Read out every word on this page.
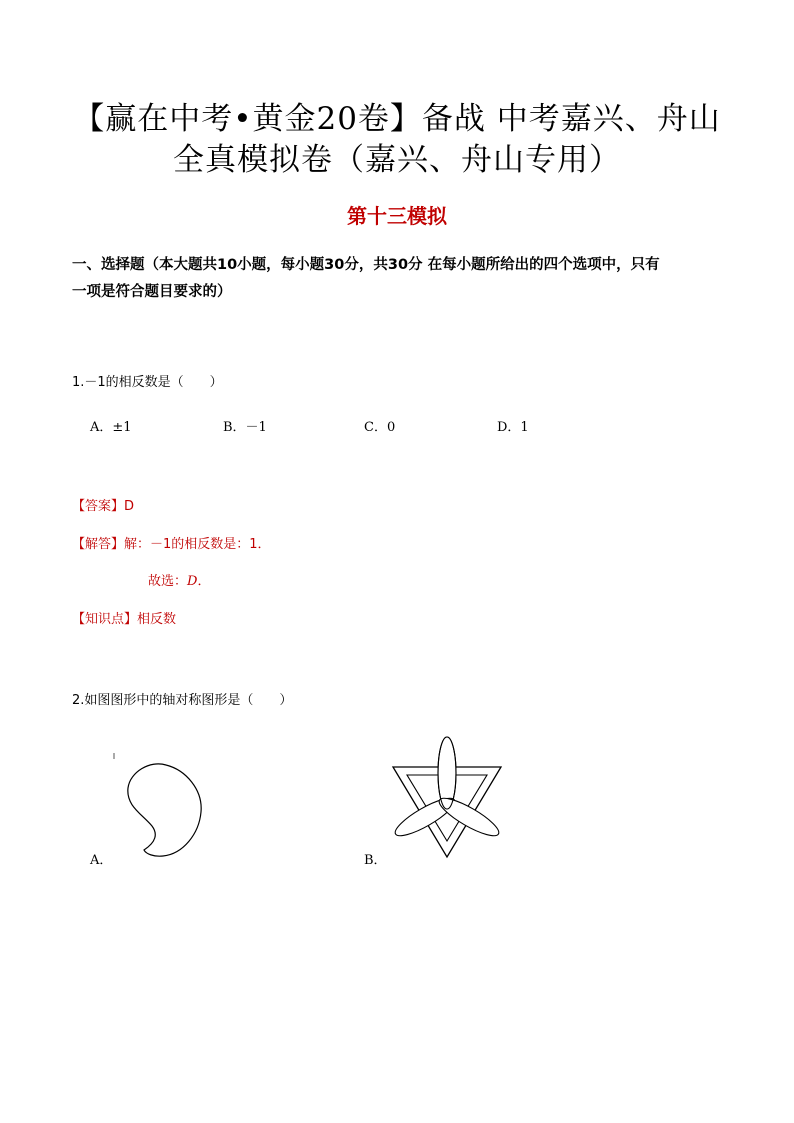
【赢在中考•黄金20卷】备战 中考嘉兴、舟山
全真模拟卷（嘉兴、舟山专用）
第十三模拟
一、选择题（本大题共10小题，每小题30分，共30分 在每小题所给出的四个选项中，只有
一项是符合题目要求的）
1.－1的相反数是（　　）
A．±1	B．－1	C．0	D．1
【答案】D
【解答】解：－1的相反数是：1．
故选：D．
【知识点】相反数
2.如图图形中的轴对称图形是（　　）
A．	B．
